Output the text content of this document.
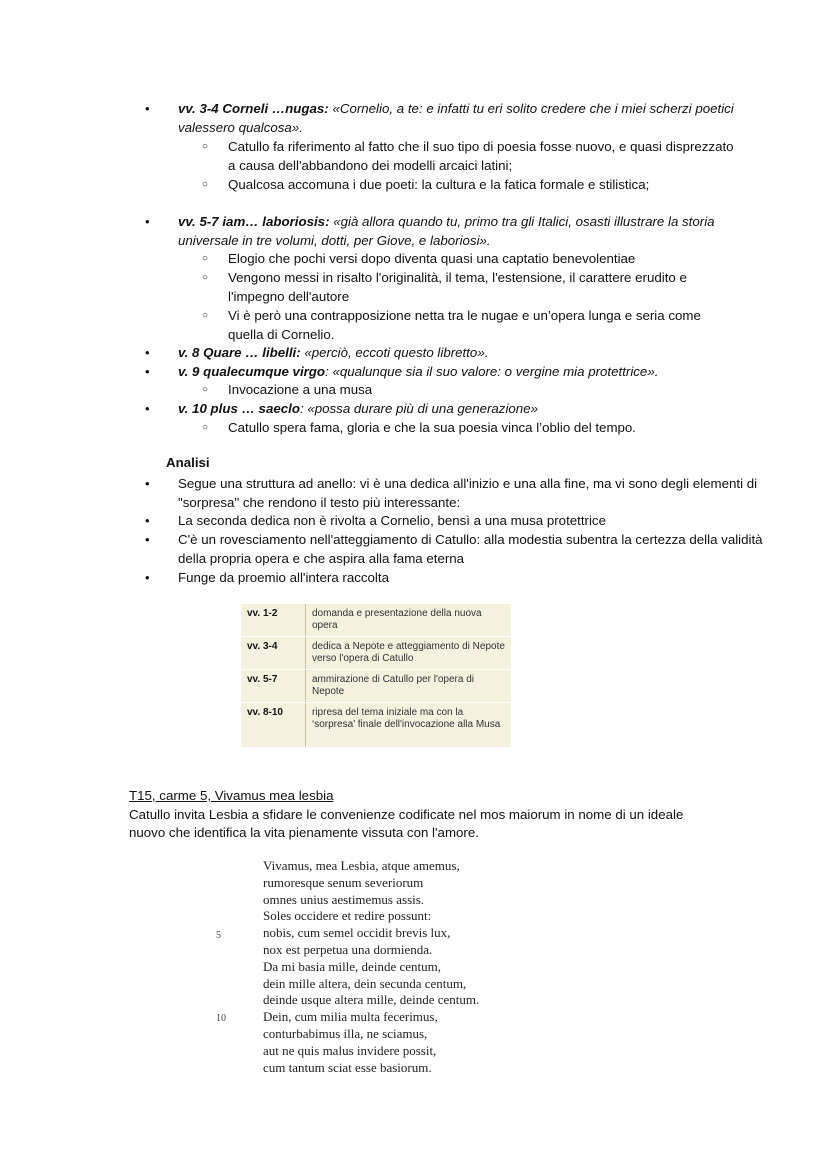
• vv. 3-4 Corneli …nugas: «Cornelio, a te: e infatti tu eri solito credere che i miei scherzi poetici valessero qualcosa».
○ Catullo fa riferimento al fatto che il suo tipo di poesia fosse nuovo, e quasi disprezzato a causa dell'abbandono dei modelli arcaici latini;
○ Qualcosa accomuna i due poeti: la cultura e la fatica formale e stilistica;
• vv. 5-7 iam… laboriosis: «già allora quando tu, primo tra gli Italici, osasti illustrare la storia universale in tre volumi, dotti, per Giove, e laboriosi».
○ Elogio che pochi versi dopo diventa quasi una captatio benevolentiae
○ Vengono messi in risalto l'originalità, il tema, l'estensione, il carattere erudito e l'impegno dell'autore
○ Vi è però una contrapposizione netta tra le nugae e un’opera lunga e seria come quella di Cornelio.
• v. 8 Quare … libelli: «perciò, eccoti questo libretto».
• v. 9 qualecumque virgo: «qualunque sia il suo valore: o vergine mia protettrice».
○ Invocazione a una musa
• v. 10 plus … saeclo: «possa durare più di una generazione»
○ Catullo spera fama, gloria e che la sua poesia vinca l’oblio del tempo.
Analisi
• Segue una struttura ad anello: vi è una dedica all'inizio e una alla fine, ma vi sono degli elementi di "sorpresa" che rendono il testo più interessante:
• La seconda dedica non è rivolta a Cornelio, bensì a una musa protettrice
• C'è un rovesciamento nell'atteggiamento di Catullo: alla modestia subentra la certezza della validità della propria opera e che aspira alla fama eterna
• Funge da proemio all'intera raccolta
vv. 1-2	domanda e presentazione della nuova opera
vv. 3-4	dedica a Nepote e atteggiamento di Nepote verso l'opera di Catullo
vv. 5-7	ammirazione di Catullo per l'opera di Nepote
vv. 8-10	ripresa del tema iniziale ma con la ‘sorpresa’ finale dell'invocazione alla Musa
T15, carme 5, Vivamus mea lesbia
Catullo invita Lesbia a sfidare le convenienze codificate nel mos maiorum in nome di un ideale nuovo che identifica la vita pienamente vissuta con l'amore.
Vivamus, mea Lesbia, atque amemus,
rumoresque senum severiorum
omnes unius aestimemus assis.
Soles occidere et redire possunt:
nobis, cum semel occidit brevis lux,
nox est perpetua una dormienda.
Da mi basia mille, deinde centum,
dein mille altera, dein secunda centum,
deinde usque altera mille, deinde centum.
Dein, cum milia multa fecerimus,
conturbabimus illa, ne sciamus,
aut ne quis malus invidere possit,
cum tantum sciat esse basiorum.
5
10
